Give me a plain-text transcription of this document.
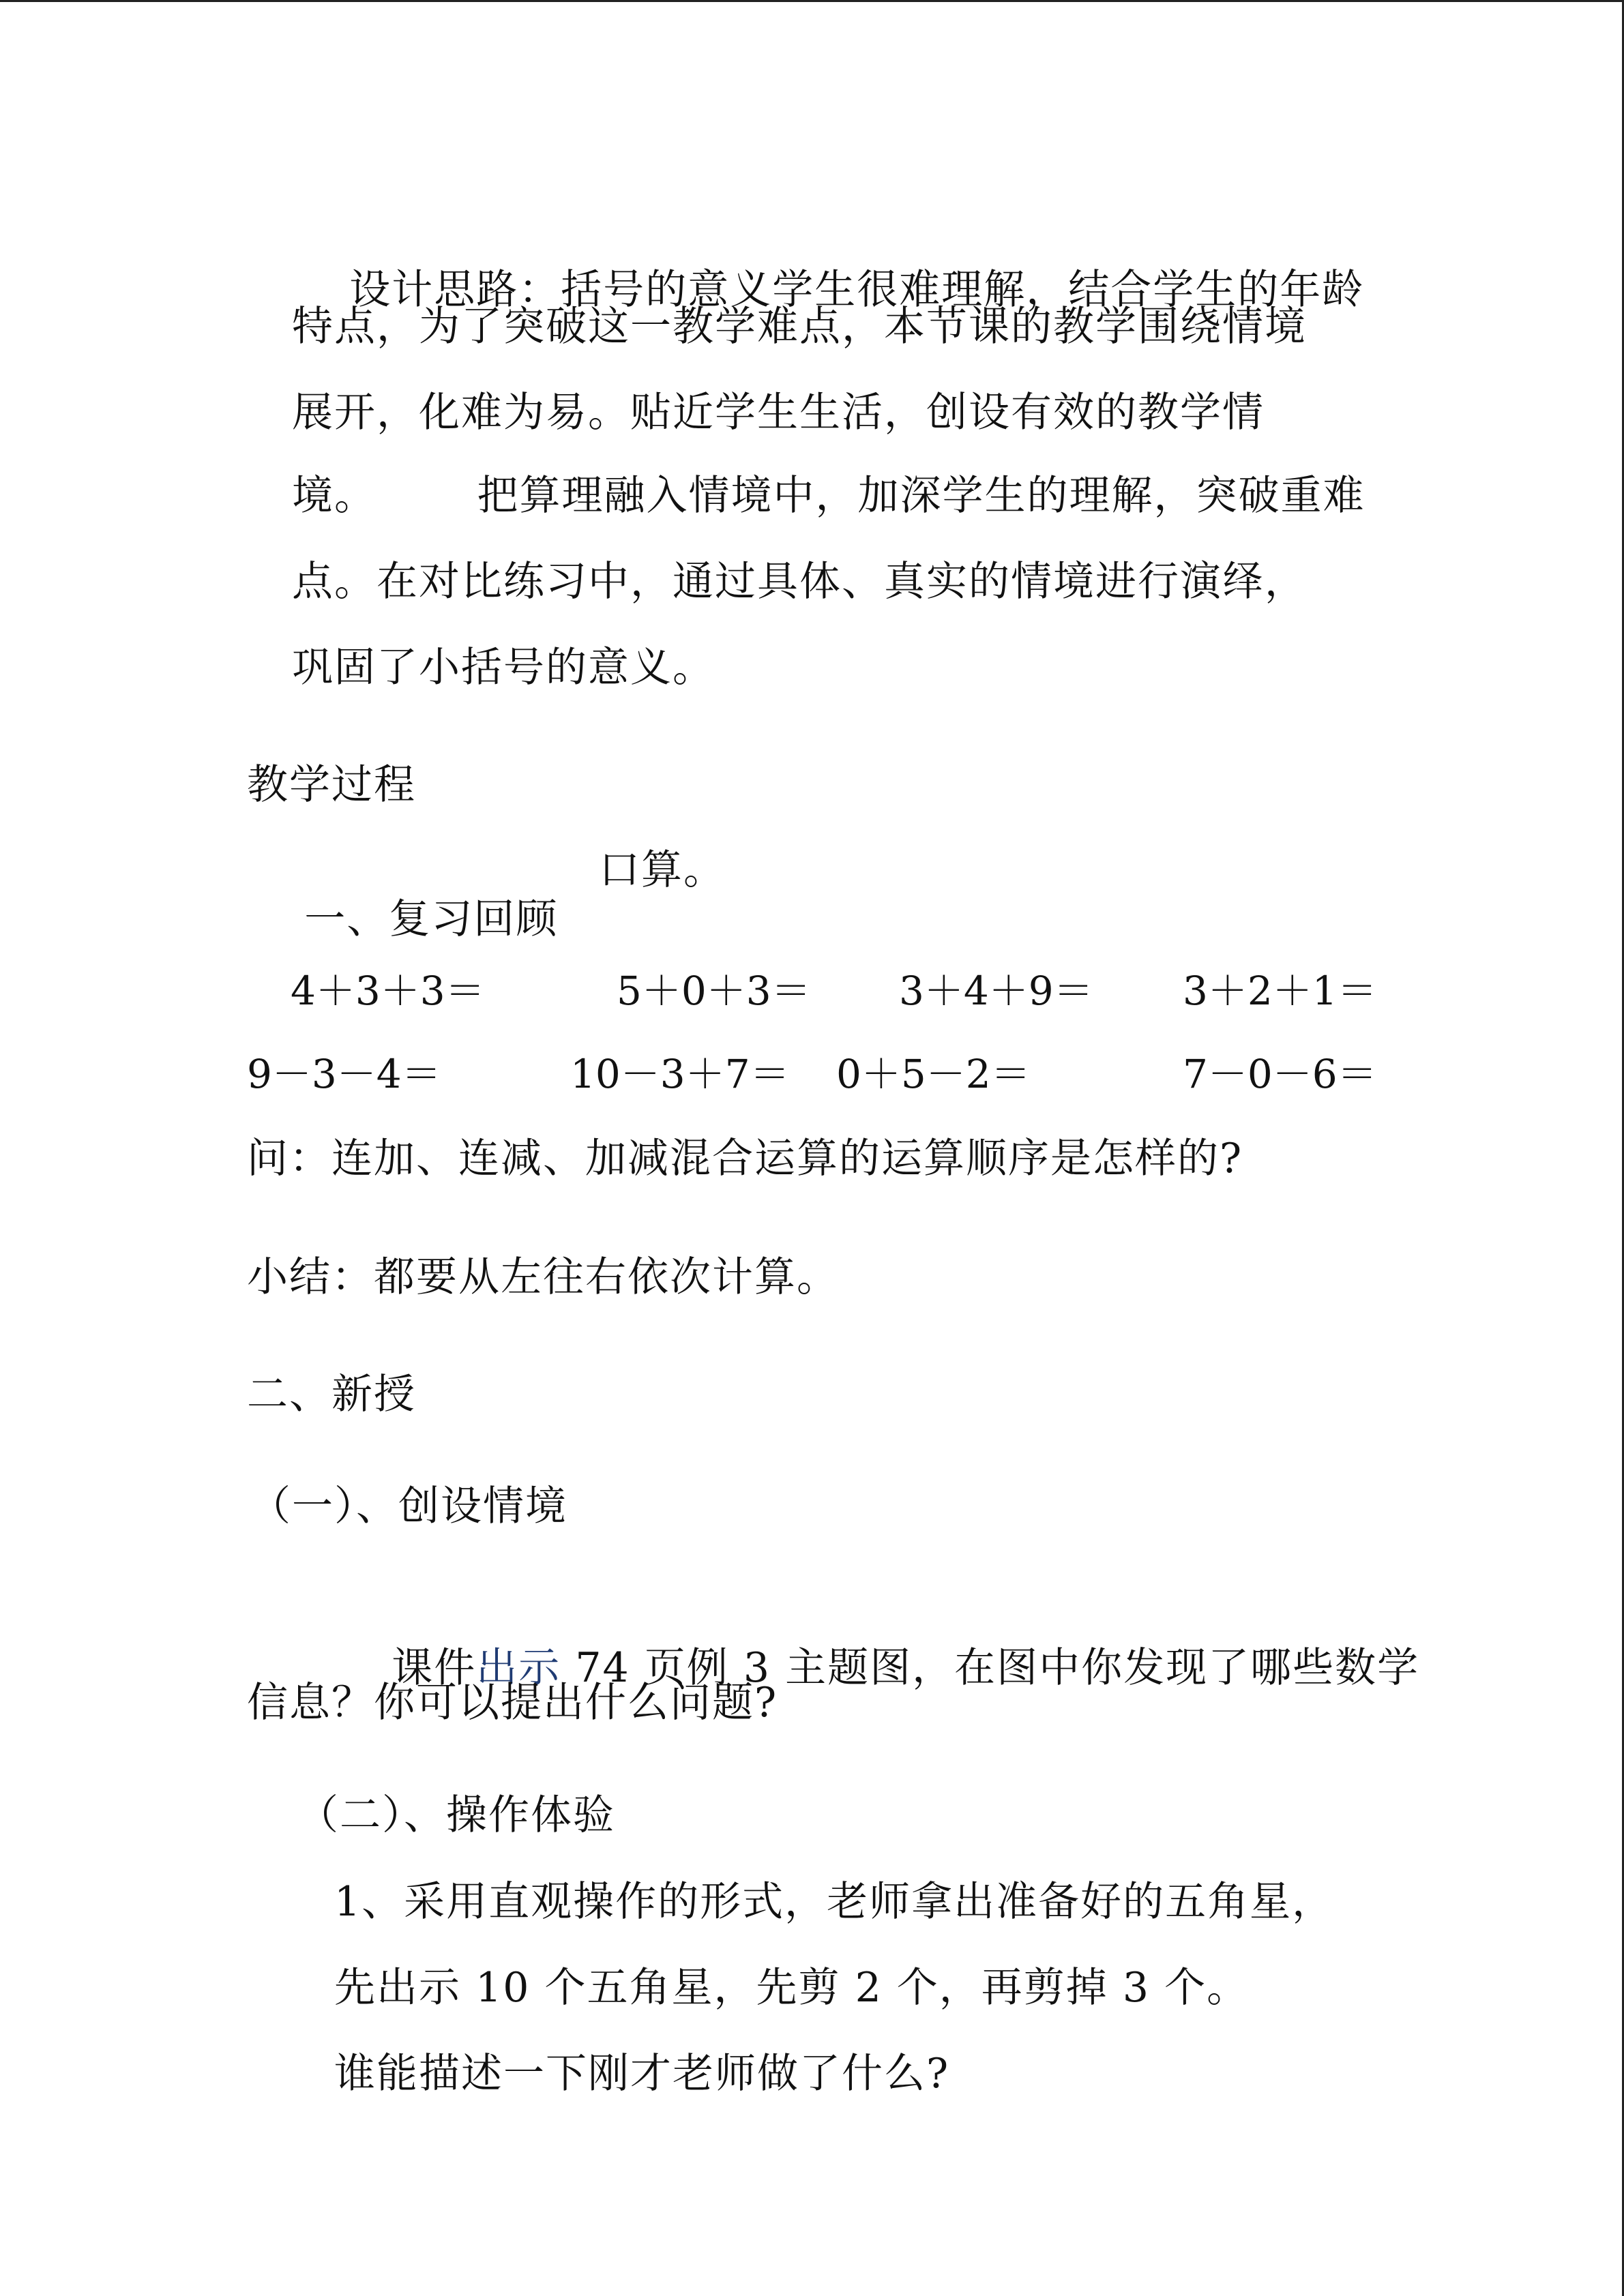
设计思路：括号的意义学生很难理解，结合学生的年龄

特点，为了突破这一教学难点，本节课的教学围绕情境
展开，化难为易。贴近学生生活，创设有效的教学情
境。       把算理融入情境中，加深学生的理解，突破重难
点。在对比练习中，通过具体、真实的情境进行演绎，
巩固了小括号的意义。
教学过程

一、复习回顾

口算。
4＋3＋3＝	5＋0＋3＝ 3＋4＋9＝ 3＋2＋1＝
9－3－4＝	10－3＋7＝ 0＋5－2＝	7－0－6＝
问：连加、连减、加减混合运算的运算顺序是怎样的?
小结：都要从左往右依次计算。
二、新授
（一）、创设情境

课件出示 74 页例 3 主题图，在图中你发现了哪些数学

信息？你可以提出什么问题?
（二）、操作体验
1、采用直观操作的形式，老师拿出准备好的五角星，
先出示 10 个五角星，先剪 2 个，再剪掉 3 个。
谁能描述一下刚才老师做了什么?
